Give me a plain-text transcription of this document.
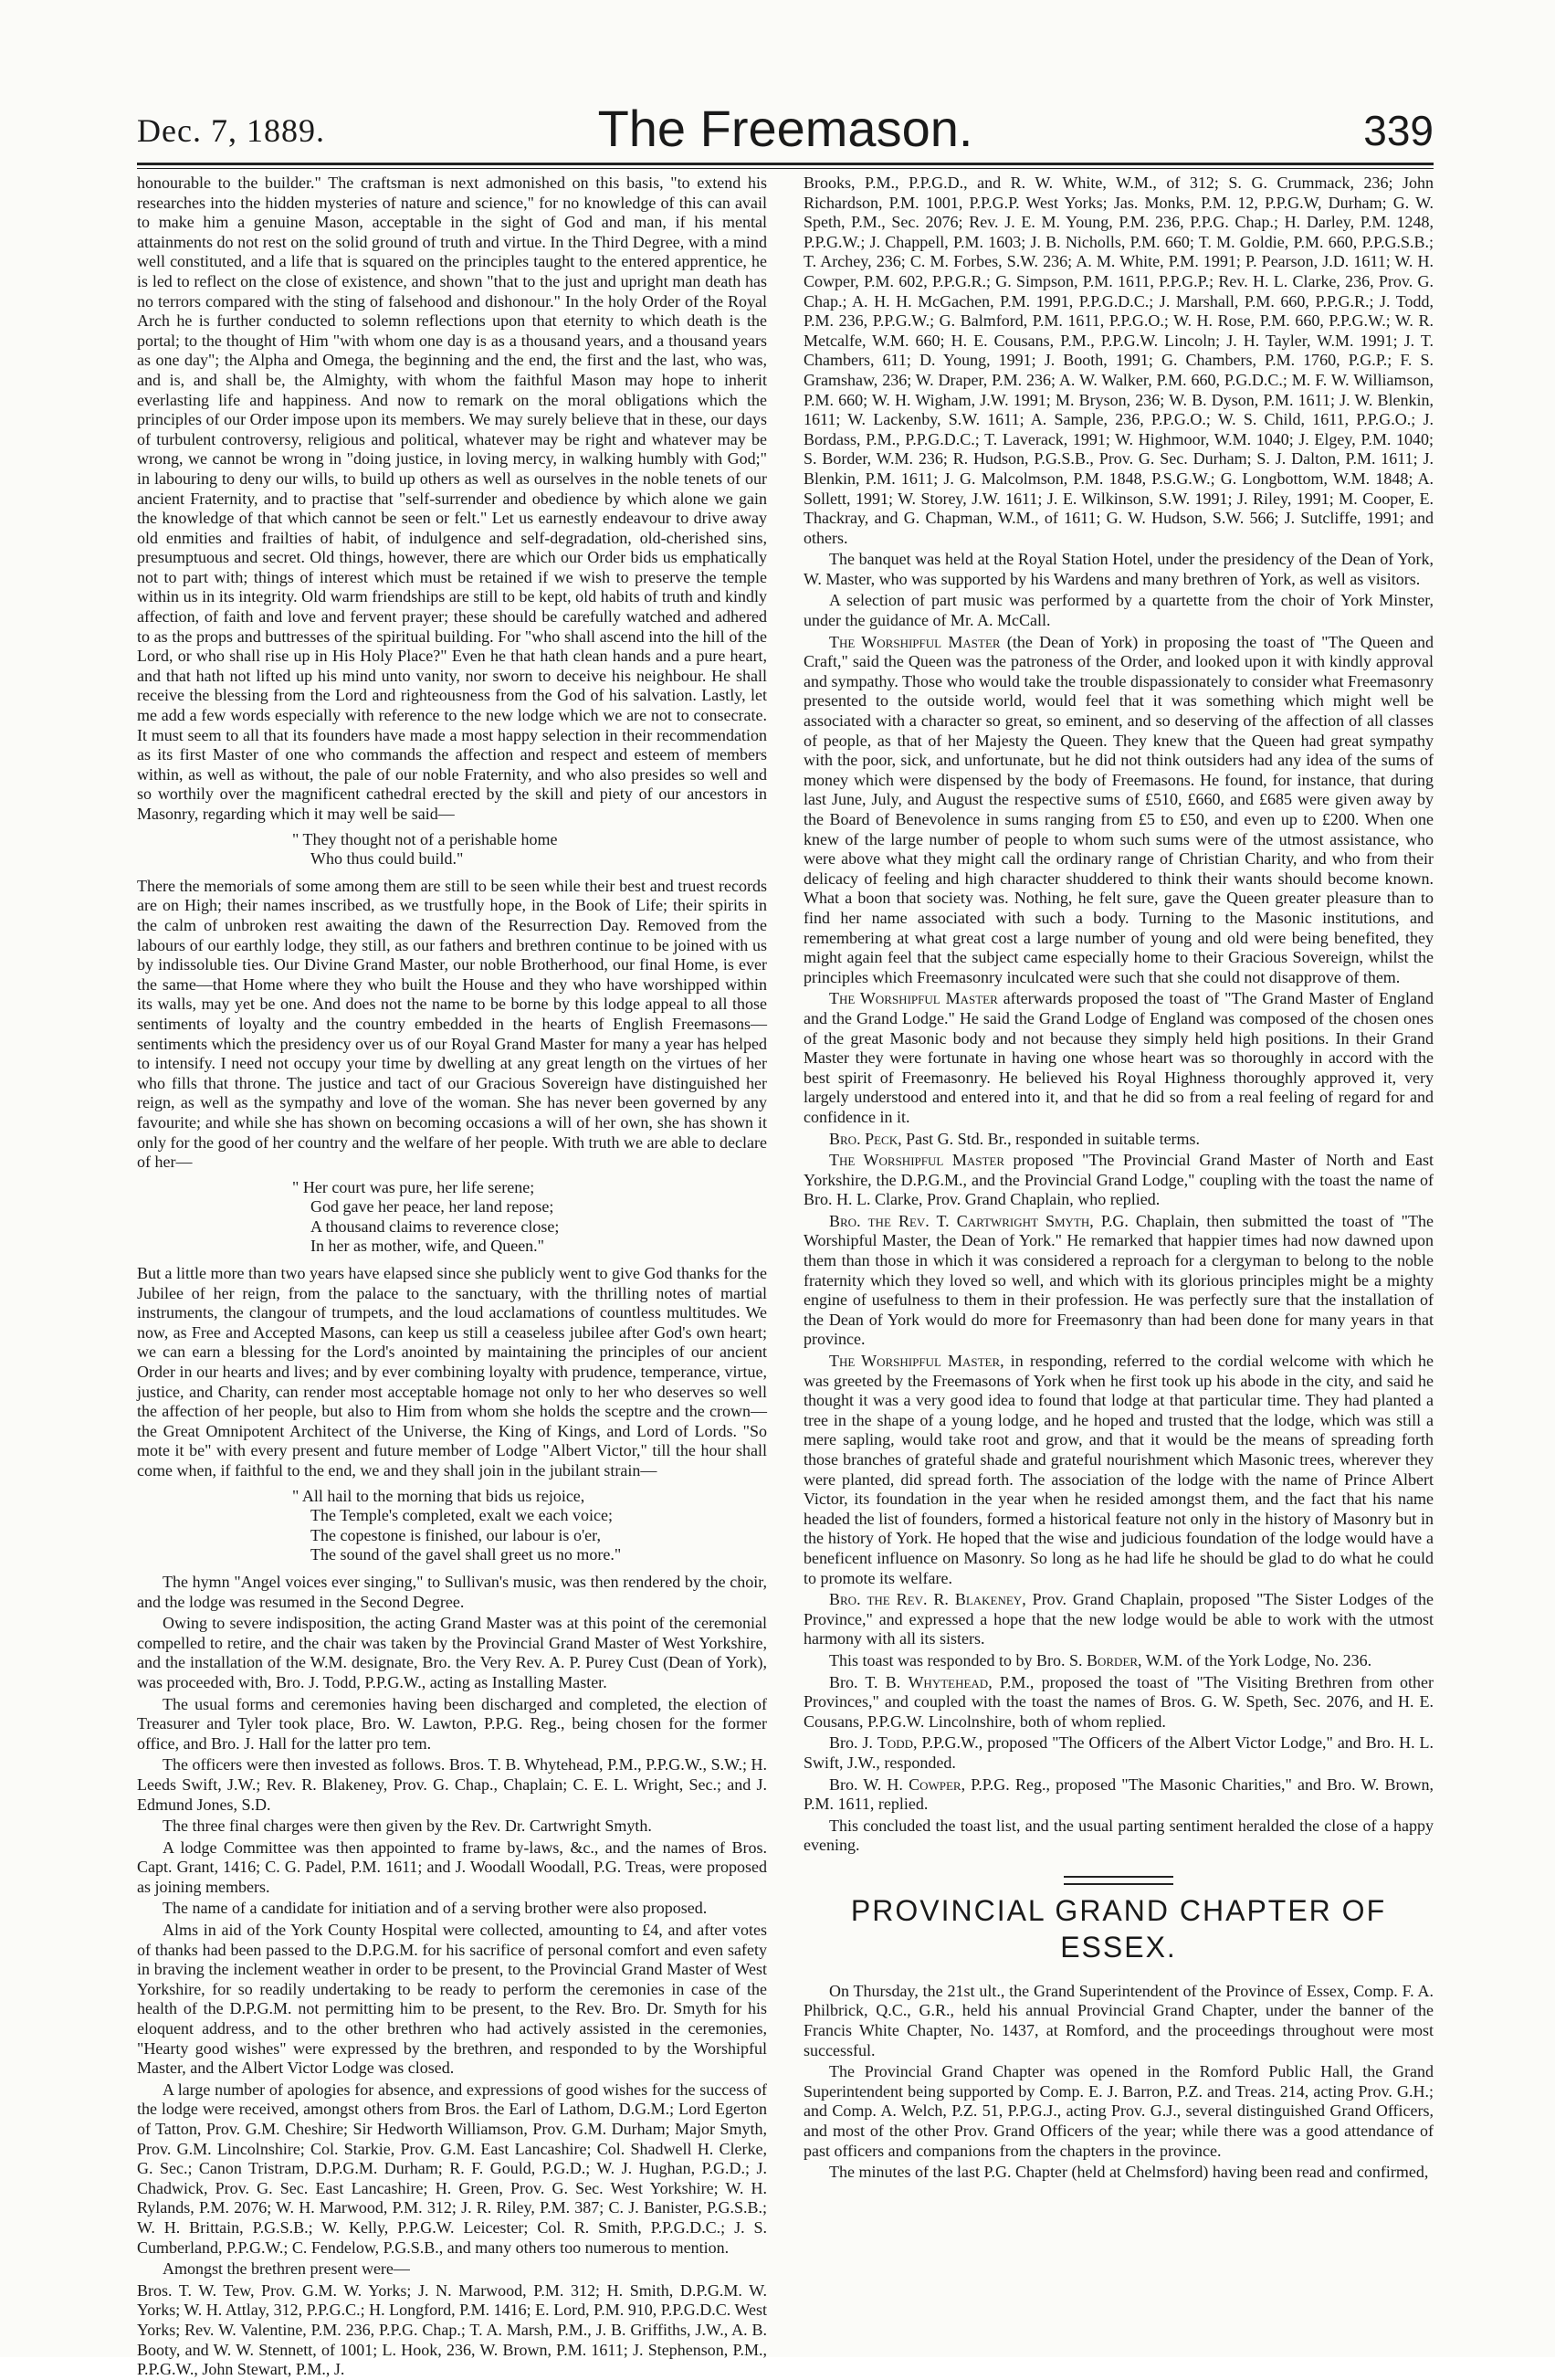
Dec. 7, 1889.	The Freemason.	339

honourable to the builder." The craftsman is next admonished on this basis, "to extend his researches into the hidden mysteries of nature and science," for no knowledge of this can avail to make him a genuine Mason, acceptable in the sight of God and man, if his mental attainments do not rest on the solid ground of truth and virtue. In the Third Degree, with a mind well constituted, and a life that is squared on the principles taught to the entered apprentice, he is led to reflect on the close of existence, and shown "that to the just and upright man death has no terrors compared with the sting of falsehood and dishonour." In the holy Order of the Royal Arch he is further conducted to solemn reflections upon that eternity to which death is the portal; to the thought of Him "with whom one day is as a thousand years, and a thousand years as one day"; the Alpha and Omega, the beginning and the end, the first and the last, who was, and is, and shall be, the Almighty, with whom the faithful Mason may hope to inherit everlasting life and happiness. And now to remark on the moral obligations which the principles of our Order impose upon its members. We may surely believe that in these, our days of turbulent controversy, religious and political, whatever may be right and whatever may be wrong, we cannot be wrong in "doing justice, in loving mercy, in walking humbly with God;" in labouring to deny our wills, to build up others as well as ourselves in the noble tenets of our ancient Fraternity, and to practise that "self-surrender and obedience by which alone we gain the knowledge of that which cannot be seen or felt." Let us earnestly endeavour to drive away old enmities and frailties of habit, of indulgence and self-degradation, old-cherished sins, presumptuous and secret. Old things, however, there are which our Order bids us emphatically not to part with; things of interest which must be retained if we wish to preserve the temple within us in its integrity. Old warm friendships are still to be kept, old habits of truth and kindly affection, of faith and love and fervent prayer; these should be carefully watched and adhered to as the props and buttresses of the spiritual building. For "who shall ascend into the hill of the Lord, or who shall rise up in His Holy Place?" Even he that hath clean hands and a pure heart, and that hath not lifted up his mind unto vanity, nor sworn to deceive his neighbour. He shall receive the blessing from the Lord and righteousness from the God of his salvation. Lastly, let me add a few words especially with reference to the new lodge which we are not to consecrate. It must seem to all that its founders have made a most happy selection in their recommendation as its first Master of one who commands the affection and respect and esteem of members within, as well as without, the pale of our noble Fraternity, and who also presides so well and so worthily over the magnificent cathedral erected by the skill and piety of our ancestors in Masonry, regarding which it may well be said—

" They thought not of a perishable home
Who thus could build."

There the memorials of some among them are still to be seen while their best and truest records are on High; their names inscribed, as we trustfully hope, in the Book of Life; their spirits in the calm of unbroken rest awaiting the dawn of the Resurrection Day. Removed from the labours of our earthly lodge, they still, as our fathers and brethren continue to be joined with us by indissoluble ties. Our Divine Grand Master, our noble Brotherhood, our final Home, is ever the same—that Home where they who built the House and they who have worshipped within its walls, may yet be one. And does not the name to be borne by this lodge appeal to all those sentiments of loyalty and the country embedded in the hearts of English Freemasons—sentiments which the presidency over us of our Royal Grand Master for many a year has helped to intensify. I need not occupy your time by dwelling at any great length on the virtues of her who fills that throne. The justice and tact of our Gracious Sovereign have distinguished her reign, as well as the sympathy and love of the woman. She has never been governed by any favourite; and while she has shown on becoming occasions a will of her own, she has shown it only for the good of her country and the welfare of her people. With truth we are able to declare of her—

" Her court was pure, her life serene;
God gave her peace, her land repose;
A thousand claims to reverence close;
In her as mother, wife, and Queen."

But a little more than two years have elapsed since she publicly went to give God thanks for the Jubilee of her reign, from the palace to the sanctuary, with the thrilling notes of martial instruments, the clangour of trumpets, and the loud acclamations of countless multitudes. We now, as Free and Accepted Masons, can keep us still a ceaseless jubilee after God's own heart; we can earn a blessing for the Lord's anointed by maintaining the principles of our ancient Order in our hearts and lives; and by ever combining loyalty with prudence, temperance, virtue, justice, and Charity, can render most acceptable homage not only to her who deserves so well the affection of her people, but also to Him from whom she holds the sceptre and the crown—the Great Omnipotent Architect of the Universe, the King of Kings, and Lord of Lords. "So mote it be" with every present and future member of Lodge "Albert Victor," till the hour shall come when, if faithful to the end, we and they shall join in the jubilant strain—

" All hail to the morning that bids us rejoice,
The Temple's completed, exalt we each voice;
The copestone is finished, our labour is o'er,
The sound of the gavel shall greet us no more."

The hymn "Angel voices ever singing," to Sullivan's music, was then rendered by the choir, and the lodge was resumed in the Second Degree.

Owing to severe indisposition, the acting Grand Master was at this point of the ceremonial compelled to retire, and the chair was taken by the Provincial Grand Master of West Yorkshire, and the installation of the W.M. designate, Bro. the Very Rev. A. P. Purey Cust (Dean of York), was proceeded with, Bro. J. Todd, P.P.G.W., acting as Installing Master.

The usual forms and ceremonies having been discharged and completed, the election of Treasurer and Tyler took place, Bro. W. Lawton, P.P.G. Reg., being chosen for the former office, and Bro. J. Hall for the latter pro tem.

The officers were then invested as follows. Bros. T. B. Whytehead, P.M., P.P.G.W., S.W.; H. Leeds Swift, J.W.; Rev. R. Blakeney, Prov. G. Chap., Chaplain; C. E. L. Wright, Sec.; and J. Edmund Jones, S.D.

The three final charges were then given by the Rev. Dr. Cartwright Smyth.

A lodge Committee was then appointed to frame by-laws, &c., and the names of Bros. Capt. Grant, 1416; C. G. Padel, P.M. 1611; and J. Woodall Woodall, P.G. Treas, were proposed as joining members.

The name of a candidate for initiation and of a serving brother were also proposed.

Alms in aid of the York County Hospital were collected, amounting to £4, and after votes of thanks had been passed to the D.P.G.M. for his sacrifice of personal comfort and even safety in braving the inclement weather in order to be present, to the Provincial Grand Master of West Yorkshire, for so readily undertaking to be ready to perform the ceremonies in case of the health of the D.P.G.M. not permitting him to be present, to the Rev. Bro. Dr. Smyth for his eloquent address, and to the other brethren who had actively assisted in the ceremonies, "Hearty good wishes" were expressed by the brethren, and responded to by the Worshipful Master, and the Albert Victor Lodge was closed.

A large number of apologies for absence, and expressions of good wishes for the success of the lodge were received, amongst others from Bros. the Earl of Lathom, D.G.M.; Lord Egerton of Tatton, Prov. G.M. Cheshire; Sir Hedworth Williamson, Prov. G.M. Durham; Major Smyth, Prov. G.M. Lincolnshire; Col. Starkie, Prov. G.M. East Lancashire; Col. Shadwell H. Clerke, G. Sec.; Canon Tristram, D.P.G.M. Durham; R. F. Gould, P.G.D.; W. J. Hughan, P.G.D.; J. Chadwick, Prov. G. Sec. East Lancashire; H. Green, Prov. G. Sec. West Yorkshire; W. H. Rylands, P.M. 2076; W. H. Marwood, P.M. 312; J. R. Riley, P.M. 387; C. J. Banister, P.G.S.B.; W. H. Brittain, P.G.S.B.; W. Kelly, P.P.G.W. Leicester; Col. R. Smith, P.P.G.D.C.; J. S. Cumberland, P.P.G.W.; C. Fendelow, P.G.S.B., and many others too numerous to mention.

Amongst the brethren present were—

Bros. T. W. Tew, Prov. G.M. W. Yorks; J. N. Marwood, P.M. 312; H. Smith, D.P.G.M. W. Yorks; W. H. Attlay, 312, P.P.G.C.; H. Longford, P.M. 1416; E. Lord, P.M. 910, P.P.G.D.C. West Yorks; Rev. W. Valentine, P.M. 236, P.P.G. Chap.; T. A. Marsh, P.M., J. B. Griffiths, J.W., A. B. Booty, and W. W. Stennett, of 1001; L. Hook, 236, W. Brown, P.M. 1611; J. Stephenson, P.M., P.P.G.W., John Stewart, P.M., J.

Brooks, P.M., P.P.G.D., and R. W. White, W.M., of 312; S. G. Crummack, 236; John Richardson, P.M. 1001, P.P.G.P. West Yorks; Jas. Monks, P.M. 12, P.P.G.W, Durham; G. W. Speth, P.M., Sec. 2076; Rev. J. E. M. Young, P.M. 236, P.P.G. Chap.; H. Darley, P.M. 1248, P.P.G.W.; J. Chappell, P.M. 1603; J. B. Nicholls, P.M. 660; T. M. Goldie, P.M. 660, P.P.G.S.B.; T. Archey, 236; C. M. Forbes, S.W. 236; A. M. White, P.M. 1991; P. Pearson, J.D. 1611; W. H. Cowper, P.M. 602, P.P.G.R.; G. Simpson, P.M. 1611, P.P.G.P.; Rev. H. L. Clarke, 236, Prov. G. Chap.; A. H. H. McGachen, P.M. 1991, P.P.G.D.C.; J. Marshall, P.M. 660, P.P.G.R.; J. Todd, P.M. 236, P.P.G.W.; G. Balmford, P.M. 1611, P.P.G.O.; W. H. Rose, P.M. 660, P.P.G.W.; W. R. Metcalfe, W.M. 660; H. E. Cousans, P.M., P.P.G.W. Lincoln; J. H. Tayler, W.M. 1991; J. T. Chambers, 611; D. Young, 1991; J. Booth, 1991; G. Chambers, P.M. 1760, P.G.P.; F. S. Gramshaw, 236; W. Draper, P.M. 236; A. W. Walker, P.M. 660, P.G.D.C.; M. F. W. Williamson, P.M. 660; W. H. Wigham, J.W. 1991; M. Bryson, 236; W. B. Dyson, P.M. 1611; J. W. Blenkin, 1611; W. Lackenby, S.W. 1611; A. Sample, 236, P.P.G.O.; W. S. Child, 1611, P.P.G.O.; J. Bordass, P.M., P.P.G.D.C.; T. Laverack, 1991; W. Highmoor, W.M. 1040; J. Elgey, P.M. 1040; S. Border, W.M. 236; R. Hudson, P.G.S.B., Prov. G. Sec. Durham; S. J. Dalton, P.M. 1611; J. Blenkin, P.M. 1611; J. G. Malcolmson, P.M. 1848, P.S.G.W.; G. Longbottom, W.M. 1848; A. Sollett, 1991; W. Storey, J.W. 1611; J. E. Wilkinson, S.W. 1991; J. Riley, 1991; M. Cooper, E. Thackray, and G. Chapman, W.M., of 1611; G. W. Hudson, S.W. 566; J. Sutcliffe, 1991; and others.

The banquet was held at the Royal Station Hotel, under the presidency of the Dean of York, W. Master, who was supported by his Wardens and many brethren of York, as well as visitors.

A selection of part music was performed by a quartette from the choir of York Minster, under the guidance of Mr. A. McCall.

The Worshipful Master (the Dean of York) in proposing the toast of "The Queen and Craft," said the Queen was the patroness of the Order, and looked upon it with kindly approval and sympathy. Those who would take the trouble dispassionately to consider what Freemasonry presented to the outside world, would feel that it was something which might well be associated with a character so great, so eminent, and so deserving of the affection of all classes of people, as that of her Majesty the Queen. They knew that the Queen had great sympathy with the poor, sick, and unfortunate, but he did not think outsiders had any idea of the sums of money which were dispensed by the body of Freemasons. He found, for instance, that during last June, July, and August the respective sums of £510, £660, and £685 were given away by the Board of Benevolence in sums ranging from £5 to £50, and even up to £200. When one knew of the large number of people to whom such sums were of the utmost assistance, who were above what they might call the ordinary range of Christian Charity, and who from their delicacy of feeling and high character shuddered to think their wants should become known. What a boon that society was. Nothing, he felt sure, gave the Queen greater pleasure than to find her name associated with such a body. Turning to the Masonic institutions, and remembering at what great cost a large number of young and old were being benefited, they might again feel that the subject came especially home to their Gracious Sovereign, whilst the principles which Freemasonry inculcated were such that she could not disapprove of them.

The Worshipful Master afterwards proposed the toast of "The Grand Master of England and the Grand Lodge." He said the Grand Lodge of England was composed of the chosen ones of the great Masonic body and not because they simply held high positions. In their Grand Master they were fortunate in having one whose heart was so thoroughly in accord with the best spirit of Freemasonry. He believed his Royal Highness thoroughly approved it, very largely understood and entered into it, and that he did so from a real feeling of regard for and confidence in it.

Bro. Peck, Past G. Std. Br., responded in suitable terms.

The Worshipful Master proposed "The Provincial Grand Master of North and East Yorkshire, the D.P.G.M., and the Provincial Grand Lodge," coupling with the toast the name of Bro. H. L. Clarke, Prov. Grand Chaplain, who replied.

Bro. the Rev. T. Cartwright Smyth, P.G. Chaplain, then submitted the toast of "The Worshipful Master, the Dean of York." He remarked that happier times had now dawned upon them than those in which it was considered a reproach for a clergyman to belong to the noble fraternity which they loved so well, and which with its glorious principles might be a mighty engine of usefulness to them in their profession. He was perfectly sure that the installation of the Dean of York would do more for Freemasonry than had been done for many years in that province.

The Worshipful Master, in responding, referred to the cordial welcome with which he was greeted by the Freemasons of York when he first took up his abode in the city, and said he thought it was a very good idea to found that lodge at that particular time. They had planted a tree in the shape of a young lodge, and he hoped and trusted that the lodge, which was still a mere sapling, would take root and grow, and that it would be the means of spreading forth those branches of grateful shade and grateful nourishment which Masonic trees, wherever they were planted, did spread forth. The association of the lodge with the name of Prince Albert Victor, its foundation in the year when he resided amongst them, and the fact that his name headed the list of founders, formed a historical feature not only in the history of Masonry but in the history of York. He hoped that the wise and judicious foundation of the lodge would have a beneficent influence on Masonry. So long as he had life he should be glad to do what he could to promote its welfare.

Bro. the Rev. R. Blakeney, Prov. Grand Chaplain, proposed "The Sister Lodges of the Province," and expressed a hope that the new lodge would be able to work with the utmost harmony with all its sisters.

This toast was responded to by Bro. S. Border, W.M. of the York Lodge, No. 236.

Bro. T. B. Whytehead, P.M., proposed the toast of "The Visiting Brethren from other Provinces," and coupled with the toast the names of Bros. G. W. Speth, Sec. 2076, and H. E. Cousans, P.P.G.W. Lincolnshire, both of whom replied.

Bro. J. Todd, P.P.G.W., proposed "The Officers of the Albert Victor Lodge," and Bro. H. L. Swift, J.W., responded.

Bro. W. H. Cowper, P.P.G. Reg., proposed "The Masonic Charities," and Bro. W. Brown, P.M. 1611, replied.

This concluded the toast list, and the usual parting sentiment heralded the close of a happy evening.

PROVINCIAL GRAND CHAPTER OF
ESSEX.

On Thursday, the 21st ult., the Grand Superintendent of the Province of Essex, Comp. F. A. Philbrick, Q.C., G.R., held his annual Provincial Grand Chapter, under the banner of the Francis White Chapter, No. 1437, at Romford, and the proceedings throughout were most successful.

The Provincial Grand Chapter was opened in the Romford Public Hall, the Grand Superintendent being supported by Comp. E. J. Barron, P.Z. and Treas. 214, acting Prov. G.H.; and Comp. A. Welch, P.Z. 51, P.P.G.J., acting Prov. G.J., several distinguished Grand Officers, and most of the other Prov. Grand Officers of the year; while there was a good attendance of past officers and companions from the chapters in the province.

The minutes of the last P.G. Chapter (held at Chelmsford) having been read and confirmed,
